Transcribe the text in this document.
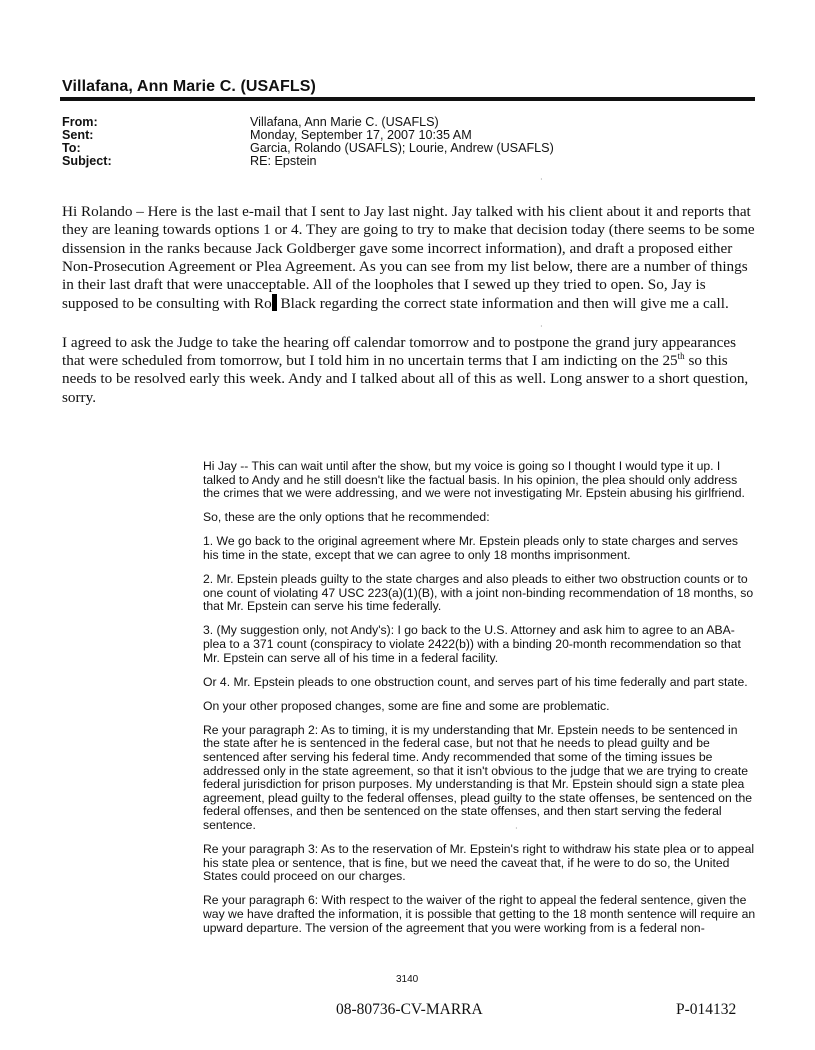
Villafana, Ann Marie C. (USAFLS)
From:	Villafana, Ann Marie C. (USAFLS)
Sent:	Monday, September 17, 2007 10:35 AM
To:	Garcia, Rolando (USAFLS); Lourie, Andrew (USAFLS)
Subject:	RE: Epstein

Hi Rolando – Here is the last e-mail that I sent to Jay last night. Jay talked with his client about it and reports that they are leaning towards options 1 or 4. They are going to try to make that decision today (there seems to be some dissension in the ranks because Jack Goldberger gave some incorrect information), and draft a proposed either Non-Prosecution Agreement or Plea Agreement. As you can see from my list below, there are a number of things in their last draft that were unacceptable. All of the loopholes that I sewed up they tried to open. So, Jay is supposed to be consulting with Ro Black regarding the correct state information and then will give me a call.

I agreed to ask the Judge to take the hearing off calendar tomorrow and to postpone the grand jury appearances that were scheduled from tomorrow, but I told him in no uncertain terms that I am indicting on the 25th so this needs to be resolved early this week. Andy and I talked about all of this as well. Long answer to a short question, sorry.

Hi Jay -- This can wait until after the show, but my voice is going so I thought I would type it up. I talked to Andy and he still doesn't like the factual basis. In his opinion, the plea should only address the crimes that we were addressing, and we were not investigating Mr. Epstein abusing his girlfriend.

So, these are the only options that he recommended:

1. We go back to the original agreement where Mr. Epstein pleads only to state charges and serves his time in the state, except that we can agree to only 18 months imprisonment.

2. Mr. Epstein pleads guilty to the state charges and also pleads to either two obstruction counts or to one count of violating 47 USC 223(a)(1)(B), with a joint non-binding recommendation of 18 months, so that Mr. Epstein can serve his time federally.

3. (My suggestion only, not Andy's): I go back to the U.S. Attorney and ask him to agree to an ABA-plea to a 371 count (conspiracy to violate 2422(b)) with a binding 20-month recommendation so that Mr. Epstein can serve all of his time in a federal facility.

Or 4. Mr. Epstein pleads to one obstruction count, and serves part of his time federally and part state.

On your other proposed changes, some are fine and some are problematic.

Re your paragraph 2: As to timing, it is my understanding that Mr. Epstein needs to be sentenced in the state after he is sentenced in the federal case, but not that he needs to plead guilty and be sentenced after serving his federal time. Andy recommended that some of the timing issues be addressed only in the state agreement, so that it isn't obvious to the judge that we are trying to create federal jurisdiction for prison purposes. My understanding is that Mr. Epstein should sign a state plea agreement, plead guilty to the federal offenses, plead guilty to the state offenses, be sentenced on the federal offenses, and then be sentenced on the state offenses, and then start serving the federal sentence.

Re your paragraph 3: As to the reservation of Mr. Epstein's right to withdraw his state plea or to appeal his state plea or sentence, that is fine, but we need the caveat that, if he were to do so, the United States could proceed on our charges.

Re your paragraph 6: With respect to the waiver of the right to appeal the federal sentence, given the way we have drafted the information, it is possible that getting to the 18 month sentence will require an upward departure. The version of the agreement that you were working from is a federal non-

3140
08-80736-CV-MARRA	P-014132
·
·
·
